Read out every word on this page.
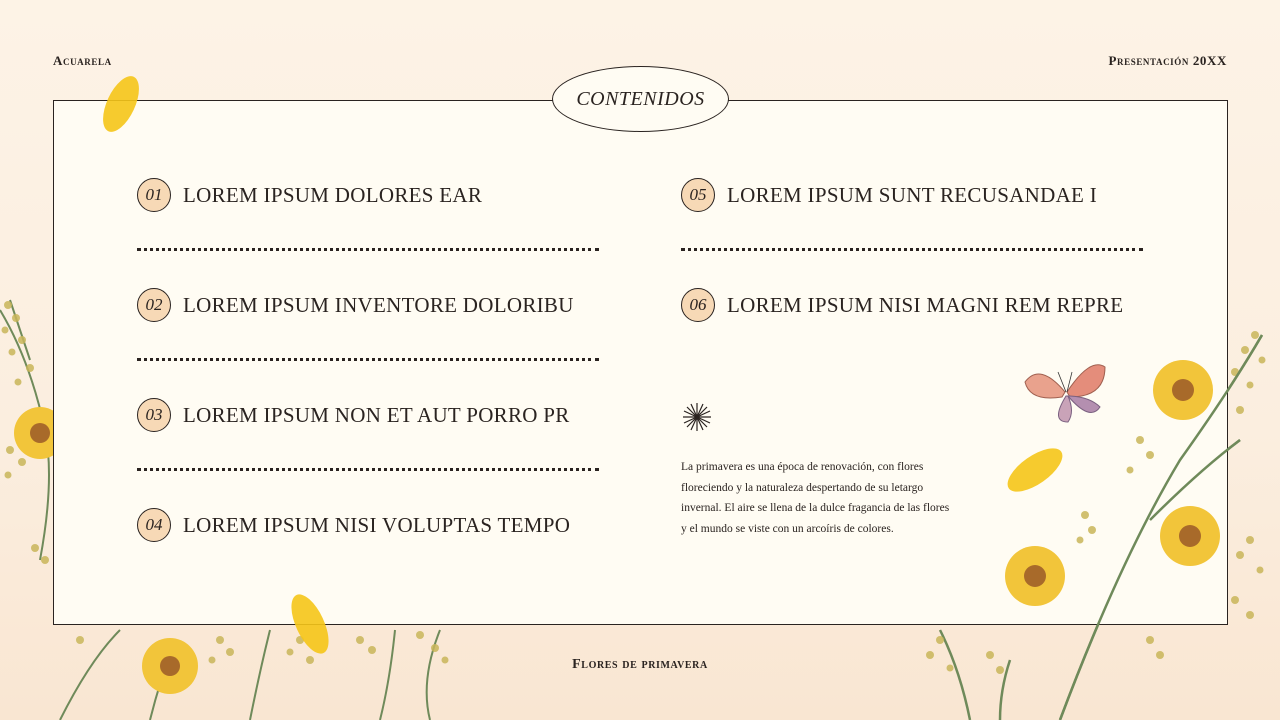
Acuarela	Presentación 20XX
CONTENIDOS
01 LOREM IPSUM DOLORES EAR
02 LOREM IPSUM INVENTORE DOLORIBU
03 LOREM IPSUM NON ET AUT PORRO PR
04 LOREM IPSUM NISI VOLUPTAS TEMPO
05 LOREM IPSUM SUNT RECUSANDAE I
06 LOREM IPSUM NISI MAGNI REM REPRE
La primavera es una época de renovación, con flores floreciendo y la naturaleza despertando de su letargo invernal. El aire se llena de la dulce fragancia de las flores y el mundo se viste con un arcoíris de colores.
Flores de primavera
